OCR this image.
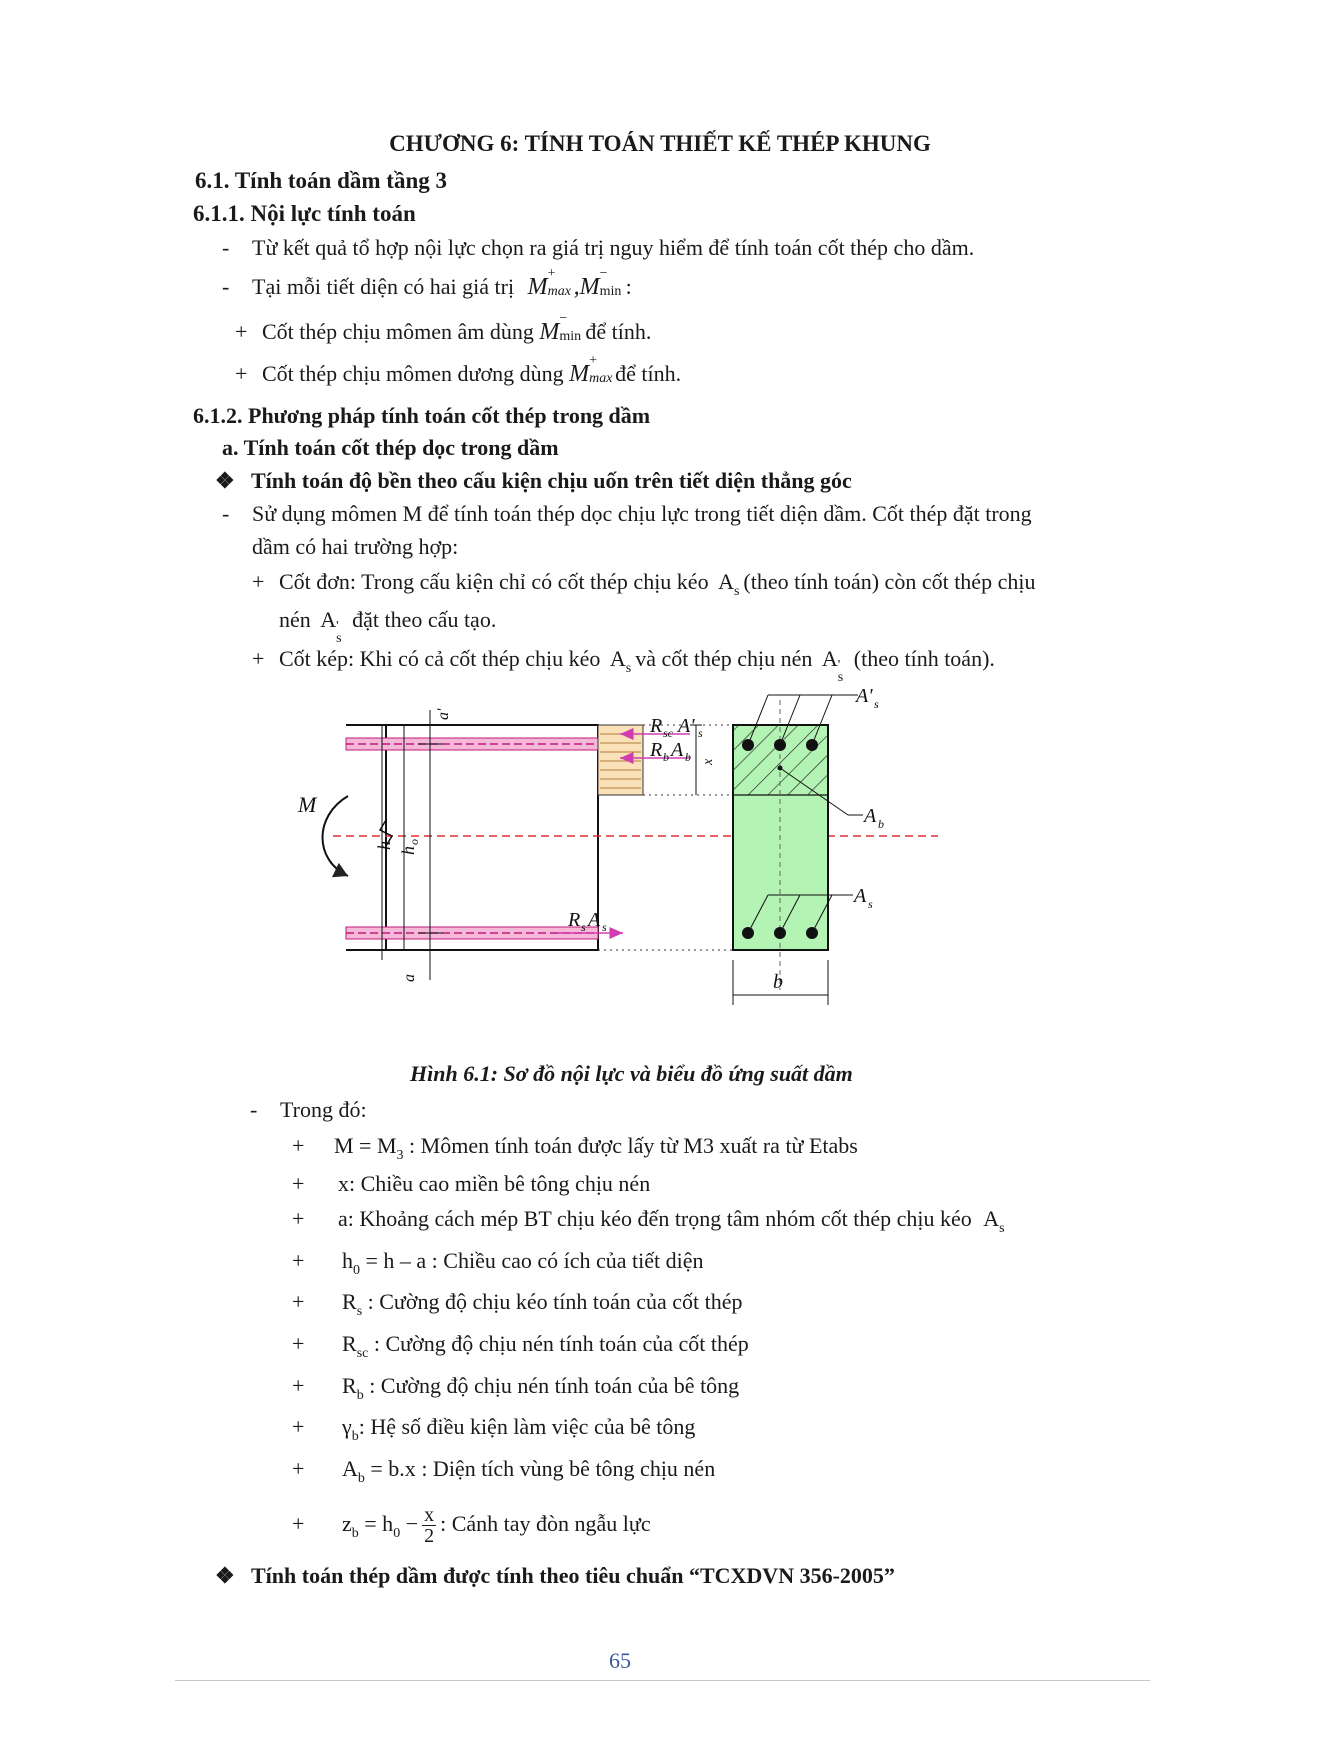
CHƯƠNG 6: TÍNH TOÁN THIẾT KẾ THÉP KHUNG
6.1. Tính toán dầm tầng 3
6.1.1. Nội lực tính toán
- Từ kết quả tổ hợp nội lực chọn ra giá trị nguy hiểm để tính toán cốt thép cho dầm.
- Tại mỗi tiết diện có hai giá trị M
+
max ,M
−
min :
+ Cốt thép chịu mômen âm dùng M
−
min để tính.
+ Cốt thép chịu mômen dương dùng M
+
max để tính.
6.1.2. Phương pháp tính toán cốt thép trong dầm
a. Tính toán cốt thép dọc trong dầm
❖ Tính toán độ bền theo cấu kiện chịu uốn trên tiết diện thẳng góc
- Sử dụng mômen M để tính toán thép dọc chịu lực trong tiết diện dầm. Cốt thép đặt trong
dầm có hai trường hợp:
+ Cốt đơn: Trong cấu kiện chỉ có cốt thép chịu kéo $A_s$ (theo tính toán) còn cốt thép chịu
nén A '
s
đặt theo cấu tạo.
+ Cốt kép: Khi có cả cốt thép chịu kéo $A_s$ và cốt thép chịu nén A '
s
(theo tính toán).
M
h
h
o
a'
a
x
R sc A' s
R b A b
R s A s
A' s
A b
A s
b
Hình 6.1: Sơ đồ nội lực và biểu đồ ứng suất dầm
- Trong đó:
+ $M = M_3$ : Mômen tính toán được lấy từ M3 xuất ra từ Etabs
+ x: Chiều cao miền bê tông chịu nén
+ a: Khoảng cách mép BT chịu kéo đến trọng tâm nhóm cốt thép chịu kéo $A_s$
+ $h_0 = h - a$ : Chiều cao có ích của tiết diện
+ $R_s$ : Cường độ chịu kéo tính toán của cốt thép
+ $R_{sc}$ : Cường độ chịu nén tính toán của cốt thép
+ $R_b$ : Cường độ chịu nén tính toán của bê tông
+ $\gamma_b$: Hệ số điều kiện làm việc của bê tông
+ $A_b = b.x$ : Diện tích vùng bê tông chịu nén
+ $z_b = h_0 - \frac{x}{2}$ : Cánh tay đòn ngẫu lực
❖ Tính toán thép dầm được tính theo tiêu chuẩn “TCXDVN 356-2005”
65
